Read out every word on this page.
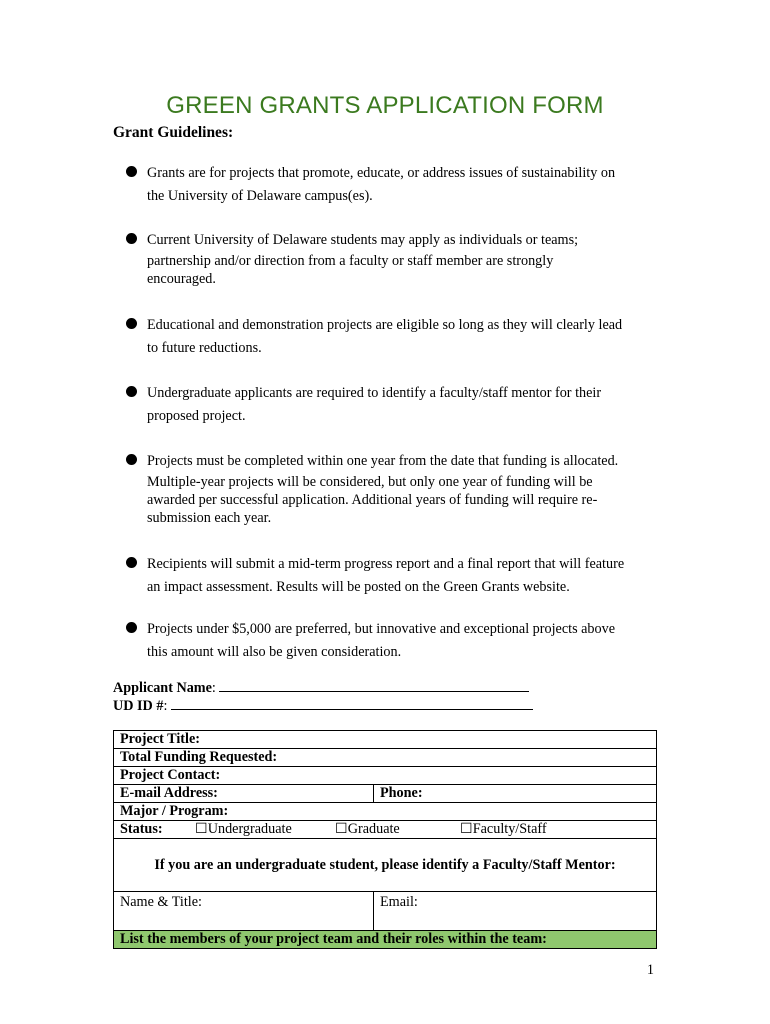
GREEN GRANTS APPLICATION FORM
Grant Guidelines:
Grants are for projects that promote, educate, or address issues of sustainability on
the University of Delaware campus(es).
Current University of Delaware students may apply as individuals or teams;
partnership and/or direction from a faculty or staff member are strongly
encouraged.
Educational and demonstration projects are eligible so long as they will clearly lead
to future reductions.
Undergraduate applicants are required to identify a faculty/staff mentor for their
proposed project.
Projects must be completed within one year from the date that funding is allocated.
Multiple-year projects will be considered, but only one year of funding will be
awarded per successful application. Additional years of funding will require re-
submission each year.
Recipients will submit a mid-term progress report and a final report that will feature
an impact assessment. Results will be posted on the Green Grants website.
Projects under $5,000 are preferred, but innovative and exceptional projects above
this amount will also be given consideration.
Applicant Name:
UD ID #:
Project Title:	
Total Funding Requested:	
Project Contact:	
E-mail Address:	Phone:
Major / Program:	
Status: ☐Undergraduate ☐Graduate ☐Faculty/Staff	
If you are an undergraduate student, please identify a Faculty/Staff Mentor:	
Name & Title:	Email:
List the members of your project team and their roles within the team:	
1
